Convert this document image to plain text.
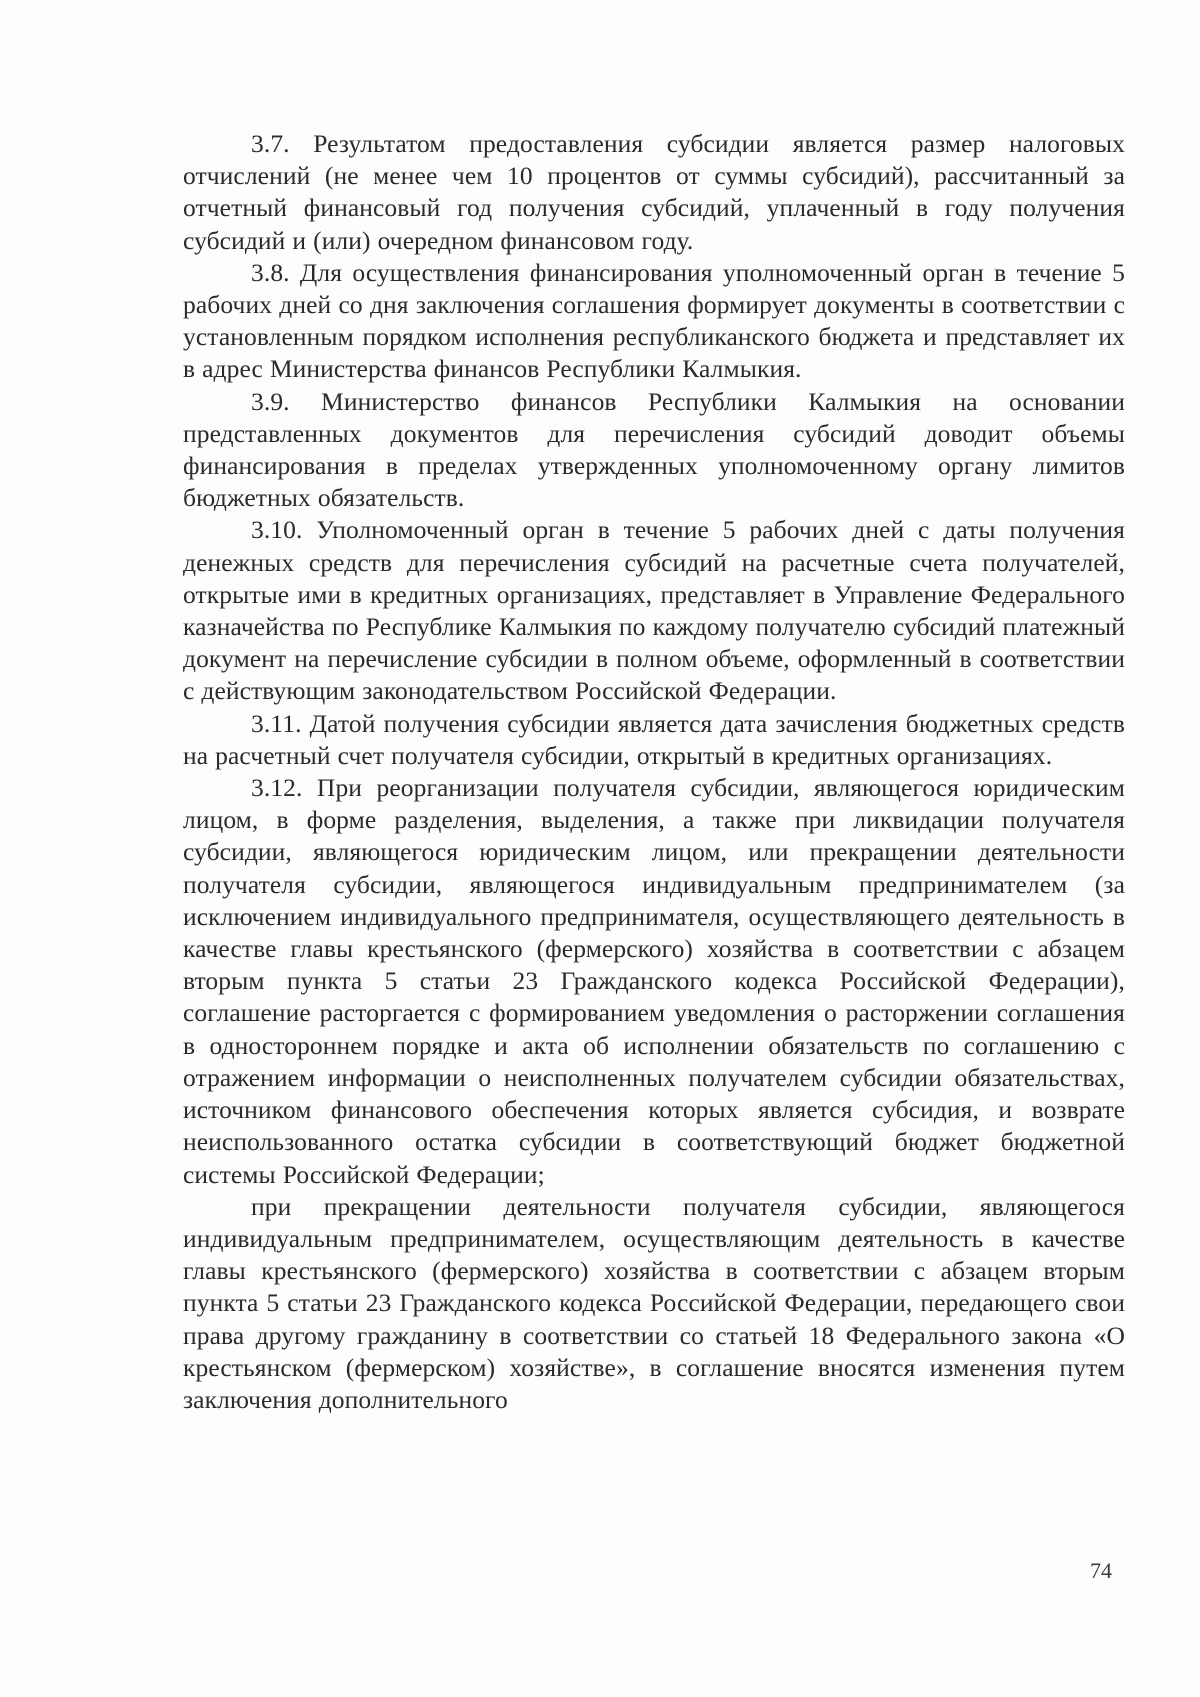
3.7. Результатом предоставления субсидии является размер налоговых отчислений (не менее чем 10 процентов от суммы субсидий), рассчитанный за отчетный финансовый год получения субсидий, уплаченный в году получения субсидий и (или) очередном финансовом году.

3.8. Для осуществления финансирования уполномоченный орган в течение 5 рабочих дней со дня заключения соглашения формирует документы в соответствии с установленным порядком исполнения республиканского бюджета и представляет их в адрес Министерства финансов Республики Калмыкия.

3.9. Министерство финансов Республики Калмыкия на основании представленных документов для перечисления субсидий доводит объемы финансирования в пределах утвержденных уполномоченному органу лимитов бюджетных обязательств.

3.10. Уполномоченный орган в течение 5 рабочих дней с даты получения денежных средств для перечисления субсидий на расчетные счета получателей, открытые ими в кредитных организациях, представляет в Управление Федерального казначейства по Республике Калмыкия по каждому получателю субсидий платежный документ на перечисление субсидии в полном объеме, оформленный в соответствии с действующим законодательством Российской Федерации.

3.11. Датой получения субсидии является дата зачисления бюджетных средств на расчетный счет получателя субсидии, открытый в кредитных организациях.

3.12. При реорганизации получателя субсидии, являющегося юридическим лицом, в форме разделения, выделения, а также при ликвидации получателя субсидии, являющегося юридическим лицом, или прекращении деятельности получателя субсидии, являющегося индивидуальным предпринимателем (за исключением индивидуального предпринимателя, осуществляющего деятельность в качестве главы крестьянского (фермерского) хозяйства в соответствии с абзацем вторым пункта 5 статьи 23 Гражданского кодекса Российской Федерации), соглашение расторгается с формированием уведомления о расторжении соглашения в одностороннем порядке и акта об исполнении обязательств по соглашению с отражением информации о неисполненных получателем субсидии обязательствах, источником финансового обеспечения которых является субсидия, и возврате неиспользованного остатка субсидии в соответствующий бюджет бюджетной системы Российской Федерации;

при прекращении деятельности получателя субсидии, являющегося индивидуальным предпринимателем, осуществляющим деятельность в качестве главы крестьянского (фермерского) хозяйства в соответствии с абзацем вторым пункта 5 статьи 23 Гражданского кодекса Российской Федерации, передающего свои права другому гражданину в соответствии со статьей 18 Федерального закона «О крестьянском (фермерском) хозяйстве», в соглашение вносятся изменения путем заключения дополнительного

74
